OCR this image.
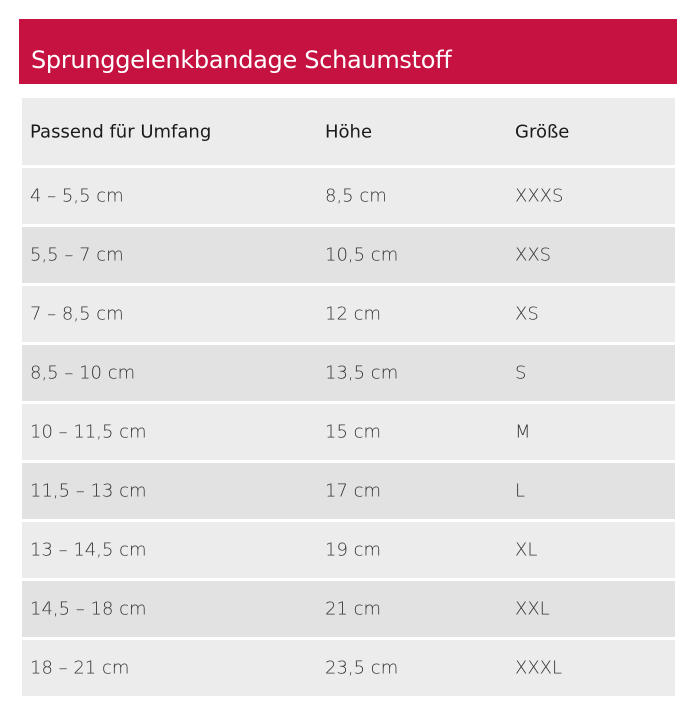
Sprunggelenkbandage Schaumstoff
Passend für Umfang	Höhe	Größe
4 – 5,5 cm	8,5 cm	XXXS
5,5 – 7 cm	10,5 cm	XXS
7 – 8,5 cm	12 cm	XS
8,5 – 10 cm	13,5 cm	S
10 – 11,5 cm	15 cm	M
11,5 – 13 cm	17 cm	L
13 – 14,5 cm	19 cm	XL
14,5 – 18 cm	21 cm	XXL
18 – 21 cm	23,5 cm	XXXL
